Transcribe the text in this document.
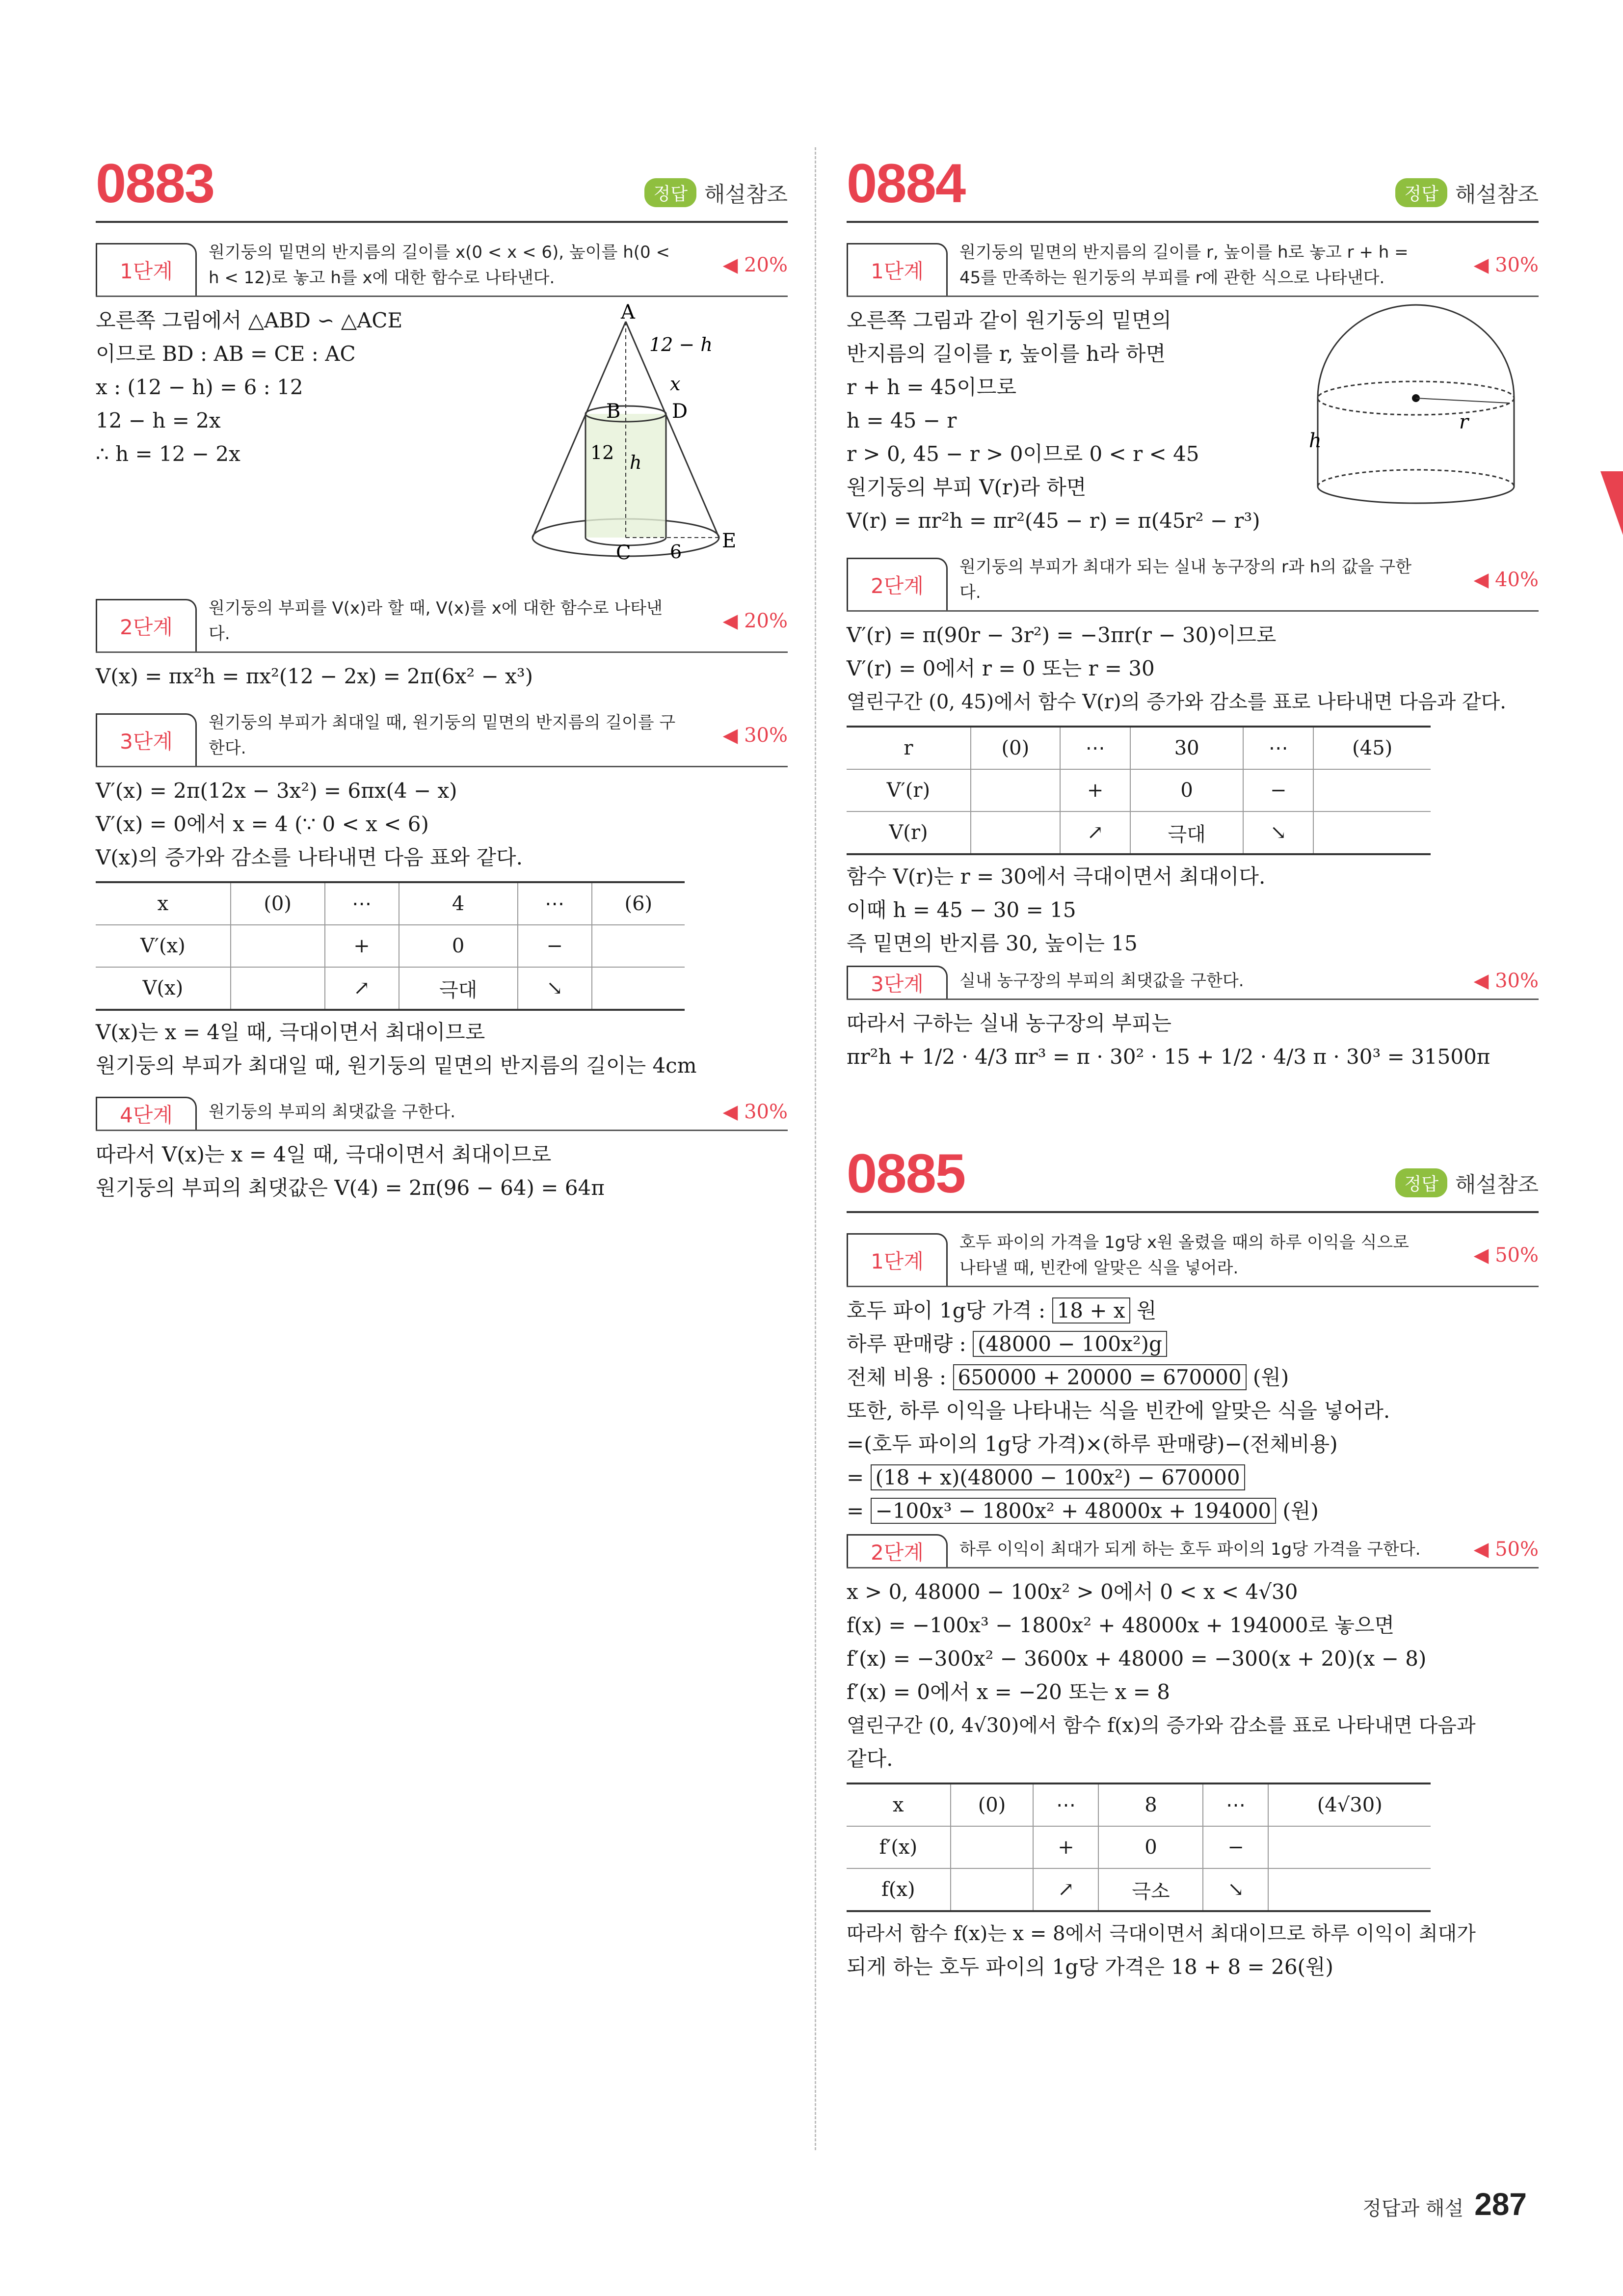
0883	정답 해설참조
1단계
원기둥의 밑면의 반지름의 길이를 x(0 < x < 6), 높이를 h(0 < h < 12)로 놓고 h를 x에 대한 함수로 나타낸다.
◀ 20%

오른쪽 그림에서 △ABD ∽ △ACE

이므로 BD : AB = CE : AC

x : (12 − h) = 6 : 12

12 − h = 2x

∴ h = 12 − 2x

A
B
C
D
E
12 − h
x
12 h
6
2단계
원기둥의 부피를 V(x)라 할 때, V(x)를 x에 대한 함수로 나타낸다.
◀ 20%

V(x) = πx²h = πx²(12 − 2x) = 2π(6x² − x³)

3단계
원기둥의 부피가 최대일 때, 원기둥의 밑면의 반지름의 길이를 구한다.
◀ 30%

V′(x) = 2π(12x − 3x²) = 6πx(4 − x)

V′(x) = 0에서 x = 4 (∵ 0 < x < 6)

V(x)의 증가와 감소를 나타내면 다음 표와 같다.

x	(0)	⋯	4	⋯	(6)
V′(x)		+	0	−	
V(x)		↗	극대	↘	

V(x)는 x = 4일 때, 극대이면서 최대이므로

원기둥의 부피가 최대일 때, 원기둥의 밑면의 반지름의 길이는 4cm

4단계	원기둥의 부피의 최댓값을 구한다.	◀ 30%

따라서 V(x)는 x = 4일 때, 극대이면서 최대이므로

원기둥의 부피의 최댓값은 V(4) = 2π(96 − 64) = 64π

0884	정답 해설참조
1단계
원기둥의 밑면의 반지름의 길이를 r, 높이를 h로 놓고 r + h = 45를 만족하는 원기둥의 부피를 r에 관한 식으로 나타낸다.
◀ 30%

오른쪽 그림과 같이 원기둥의 밑면의

반지름의 길이를 r, 높이를 h라 하면

r + h = 45이므로

h = 45 − r

r > 0, 45 − r > 0이므로 0 < r < 45

원기둥의 부피 V(r)라 하면

V(r) = πr²h = πr²(45 − r) = π(45r² − r³)

h
r
2단계
원기둥의 부피가 최대가 되는 실내 농구장의 r과 h의 값을 구한다.
◀ 40%

V′(r) = π(90r − 3r²) = −3πr(r − 30)이므로

V′(r) = 0에서 r = 0 또는 r = 30

열린구간 (0, 45)에서 함수 V(r)의 증가와 감소를 표로 나타내면 다음과 같다.

r	(0)	⋯	30	⋯	(45)
V′(r)		+	0	−	
V(r)		↗	극대	↘	

함수 V(r)는 r = 30에서 극대이면서 최대이다.

이때 h = 45 − 30 = 15

즉 밑면의 반지름 30, 높이는 15

3단계	실내 농구장의 부피의 최댓값을 구한다.	◀ 30%

따라서 구하는 실내 농구장의 부피는

πr²h + 1/2 · 4/3 πr³ = π · 30² · 15 + 1/2 · 4/3 π · 30³ = 31500π

0885	정답 해설참조
1단계
호두 파이의 가격을 1g당 x원 올렸을 때의 하루 이익을 식으로 나타낼 때, 빈칸에 알맞은 식을 넣어라.
◀ 50%

호두 파이 1g당 가격 : 18 + x 원

하루 판매량 : (48000 − 100x²)g

전체 비용 : 650000 + 20000 = 670000 (원)

또한, 하루 이익을 나타내는 식을 빈칸에 알맞은 식을 넣어라.

=(호두 파이의 1g당 가격)×(하루 판매량)−(전체비용)

= (18 + x)(48000 − 100x²) − 670000

= −100x³ − 1800x² + 48000x + 194000 (원)

2단계	하루 이익이 최대가 되게 하는 호두 파이의 1g당 가격을 구한다.	◀ 50%

x > 0, 48000 − 100x² > 0에서 0 < x < 4√30

f(x) = −100x³ − 1800x² + 48000x + 194000로 놓으면

f′(x) = −300x² − 3600x + 48000 = −300(x + 20)(x − 8)

f′(x) = 0에서 x = −20 또는 x = 8

열린구간 (0, 4√30)에서 함수 f(x)의 증가와 감소를 표로 나타내면 다음과

같다.

x	(0)	⋯	8	⋯	(4√30)
f′(x)		+	0	−	
f(x)		↗	극소	↘	

따라서 함수 f(x)는 x = 8에서 극대이면서 최대이므로 하루 이익이 최대가

되게 하는 호두 파이의 1g당 가격은 18 + 8 = 26(원)

정답과 해설 287
